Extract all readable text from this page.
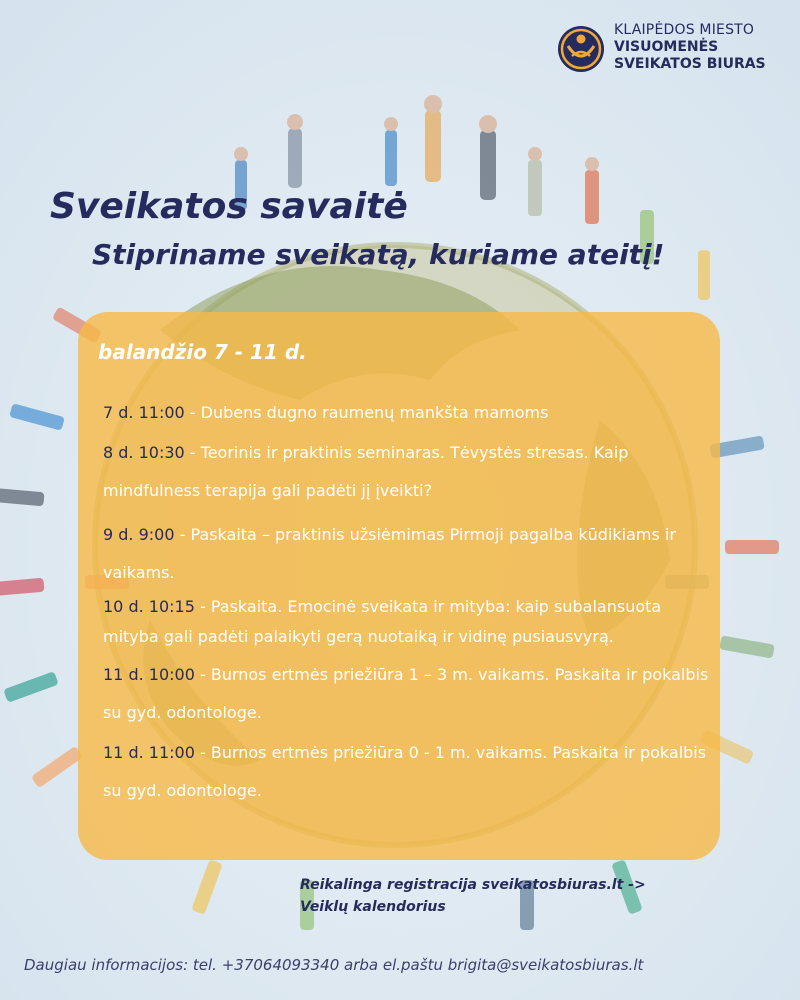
KLAIPĖDOS MIESTO
VISUOMENĖS
SVEIKATOS BIURAS
Sveikatos savaitė
Stipriname sveikatą, kuriame ateitį!
balandžio 7 - 11 d.

7 d. 11:00 - Dubens dugno raumenų mankšta mamoms

8 d. 10:30 - Teorinis ir praktinis seminaras. Tėvystės stresas. Kaip mindfulness terapija gali padėti jį įveikti?

9 d. 9:00 - Paskaita – praktinis užsiėmimas Pirmoji pagalba kūdikiams ir vaikams.

10 d. 10:15 - Paskaita. Emocinė sveikata ir mityba: kaip subalansuota mityba gali padėti palaikyti gerą nuotaiką ir vidinę pusiausvyrą.

11 d. 10:00 - Burnos ertmės priežiūra 1 – 3 m. vaikams. Paskaita ir pokalbis su gyd. odontologe.

11 d. 11:00 - Burnos ertmės priežiūra 0 - 1 m. vaikams. Paskaita ir pokalbis su gyd. odontologe.

Reikalinga registracija sveikatosbiuras.lt ->
Veiklų kalendorius
Daugiau informacijos: tel. +37064093340 arba el.paštu brigita@sveikatosbiuras.lt
